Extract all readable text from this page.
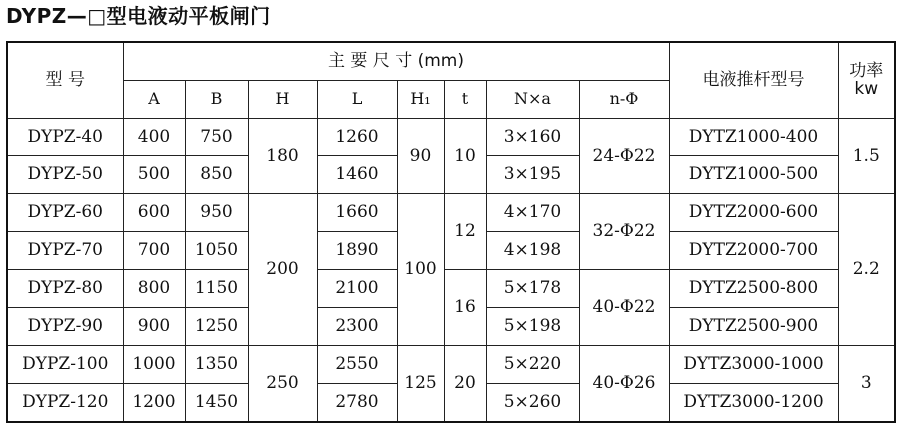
DYPZ—□型电液动平板闸门
型 号	主 要 尺 寸 (mm)								电液推杆型号	功率
kw
	A	B	H	L	H₁	t	N×a	n-Φ		
DYPZ-40	400	750	180	1260	90	10	3×160	24-Φ22	DYTZ1000-400	1.5
DYPZ-50	500	850		1460			3×195		DYTZ1000-500	
DYPZ-60	600	950	200	1660	100	12	4×170	32-Φ22	DYTZ2000-600	2.2
DYPZ-70	700	1050		1890			4×198		DYTZ2000-700	
DYPZ-80	800	1150		2100		16	5×178	40-Φ22	DYTZ2500-800	
DYPZ-90	900	1250		2300			5×198		DYTZ2500-900	
DYPZ-100	1000	1350	250	2550	125	20	5×220	40-Φ26	DYTZ3000-1000	3
DYPZ-120	1200	1450		2780			5×260		DYTZ3000-1200	
